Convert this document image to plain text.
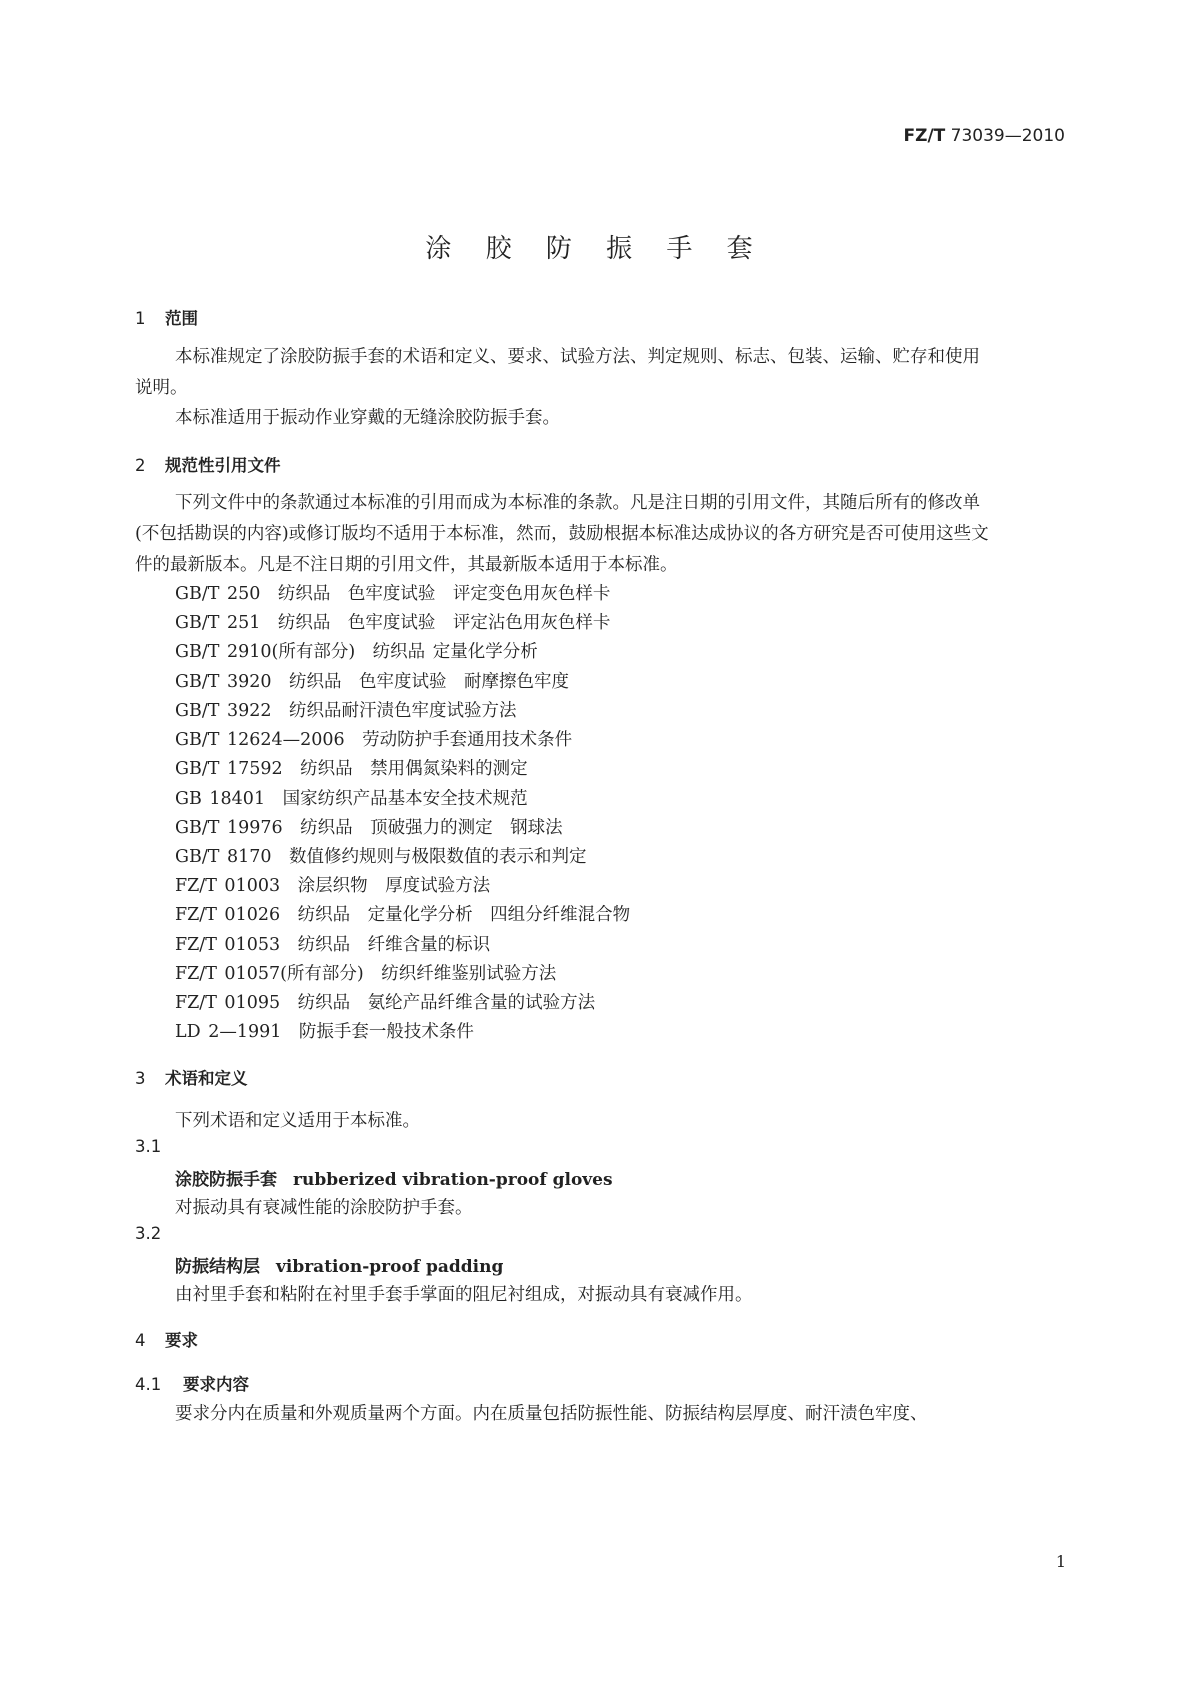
FZ/T 73039—2010
涂 胶 防 振 手 套
1 范围
本标准规定了涂胶防振手套的术语和定义、要求、试验方法、判定规则、标志、包装、运输、贮存和使用说明。
本标准适用于振动作业穿戴的无缝涂胶防振手套。
2 规范性引用文件
下列文件中的条款通过本标准的引用而成为本标准的条款。凡是注日期的引用文件，其随后所有的修改单(不包括勘误的内容)或修订版均不适用于本标准，然而，鼓励根据本标准达成协议的各方研究是否可使用这些文件的最新版本。凡是不注日期的引用文件，其最新版本适用于本标准。
GB/T 250　纺织品　色牢度试验　评定变色用灰色样卡
GB/T 251　纺织品　色牢度试验　评定沾色用灰色样卡
GB/T 2910(所有部分)　纺织品 定量化学分析
GB/T 3920　纺织品　色牢度试验　耐摩擦色牢度
GB/T 3922　纺织品耐汗渍色牢度试验方法
GB/T 12624—2006　劳动防护手套通用技术条件
GB/T 17592　纺织品　禁用偶氮染料的测定
GB 18401　国家纺织产品基本安全技术规范
GB/T 19976　纺织品　顶破强力的测定　钢球法
GB/T 8170　数值修约规则与极限数值的表示和判定
FZ/T 01003　涂层织物　厚度试验方法
FZ/T 01026　纺织品　定量化学分析　四组分纤维混合物
FZ/T 01053　纺织品　纤维含量的标识
FZ/T 01057(所有部分)　纺织纤维鉴别试验方法
FZ/T 01095　纺织品　氨纶产品纤维含量的试验方法
LD 2—1991　防振手套一般技术条件
3 术语和定义
下列术语和定义适用于本标准。
3.1
涂胶防振手套 rubberized vibration-proof gloves
对振动具有衰减性能的涂胶防护手套。
3.2
防振结构层 vibration-proof padding
由衬里手套和粘附在衬里手套手掌面的阻尼衬组成，对振动具有衰减作用。
4 要求
4.1 要求内容
要求分内在质量和外观质量两个方面。内在质量包括防振性能、防振结构层厚度、耐汗渍色牢度、
1
